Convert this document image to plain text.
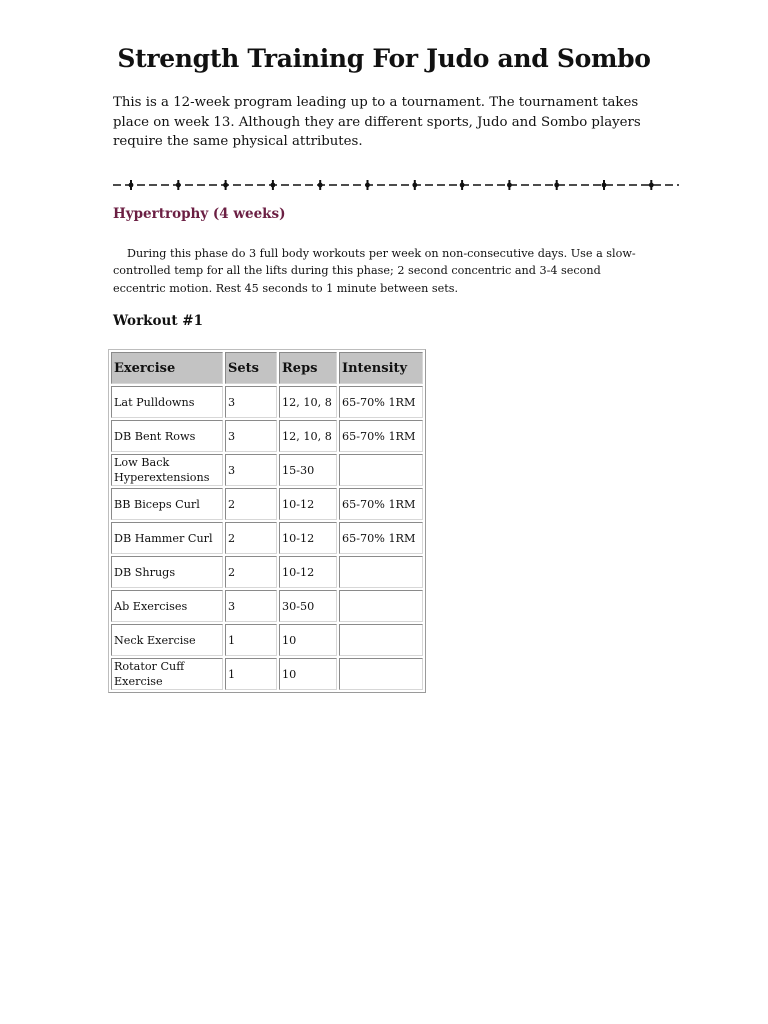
Strength Training For Judo and Sombo

This is a 12-week program leading up to a tournament. The tournament takes place on week 13. Although they are different sports, Judo and Sombo players require the same physical attributes.

Hypertrophy (4 weeks)

During this phase do 3 full body workouts per week on non-consecutive days. Use a slow-controlled temp for all the lifts during this phase; 2 second concentric and 3-4 second eccentric motion. Rest 45 seconds to 1 minute between sets.

Workout #1
Exercise	Sets	Reps	Intensity
Lat Pulldowns	3	12, 10, 8	65-70% 1RM
DB Bent Rows	3	12, 10, 8	65-70% 1RM
Low Back Hyperextensions	3	15-30	
BB Biceps Curl	2	10-12	65-70% 1RM
DB Hammer Curl	2	10-12	65-70% 1RM
DB Shrugs	2	10-12	
Ab Exercises	3	30-50	
Neck Exercise	1	10	
Rotator Cuff Exercise	1	10	
